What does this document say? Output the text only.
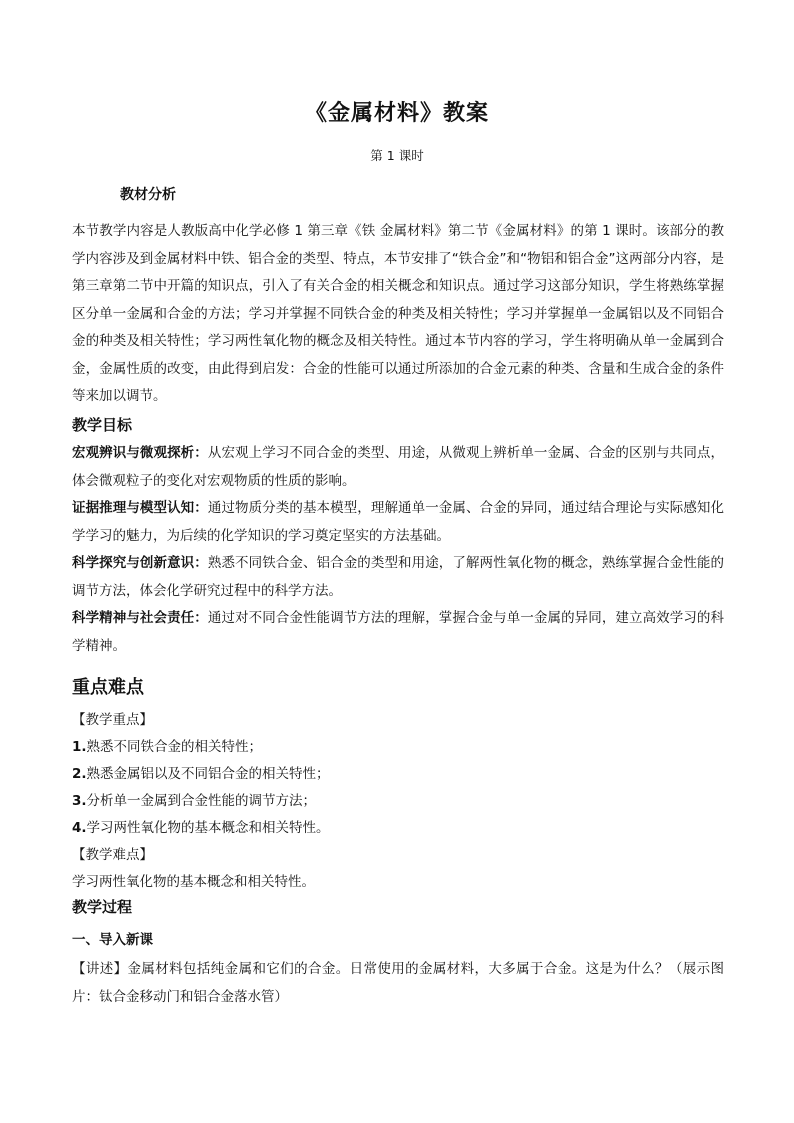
《金属材料》教案
第 1 课时
教材分析
本节教学内容是人教版高中化学必修 1 第三章《铁 金属材料》第二节《金属材料》的第 1 课时。该部分的教学内容涉及到金属材料中铁、铝合金的类型、特点，本节安排了“铁合金”和“物铝和铝合金”这两部分内容，是第三章第二节中开篇的知识点，引入了有关合金的相关概念和知识点。通过学习这部分知识，学生将熟练掌握区分单一金属和合金的方法；学习并掌握不同铁合金的种类及相关特性；学习并掌握单一金属铝以及不同铝合金的种类及相关特性；学习两性氧化物的概念及相关特性。通过本节内容的学习，学生将明确从单一金属到合金，金属性质的改变，由此得到启发：合金的性能可以通过所添加的合金元素的种类、含量和生成合金的条件等来加以调节。
教学目标
宏观辨识与微观探析：从宏观上学习不同合金的类型、用途，从微观上辨析单一金属、合金的区别与共同点，体会微观粒子的变化对宏观物质的性质的影响。
证据推理与模型认知：通过物质分类的基本模型，理解通单一金属、合金的异同，通过结合理论与实际感知化学学习的魅力，为后续的化学知识的学习奠定坚实的方法基础。
科学探究与创新意识：熟悉不同铁合金、铝合金的类型和用途，了解两性氧化物的概念，熟练掌握合金性能的调节方法，体会化学研究过程中的科学方法。
科学精神与社会责任：通过对不同合金性能调节方法的理解，掌握合金与单一金属的异同，建立高效学习的科学精神。
重点难点
【教学重点】
1.熟悉不同铁合金的相关特性；
2.熟悉金属铝以及不同铝合金的相关特性；
3.分析单一金属到合金性能的调节方法；
4.学习两性氧化物的基本概念和相关特性。
【教学难点】
学习两性氧化物的基本概念和相关特性。
教学过程
一、导入新课
【讲述】金属材料包括纯金属和它们的合金。日常使用的金属材料，大多属于合金。这是为什么？（展示图片：钛合金移动门和铝合金落水管）
